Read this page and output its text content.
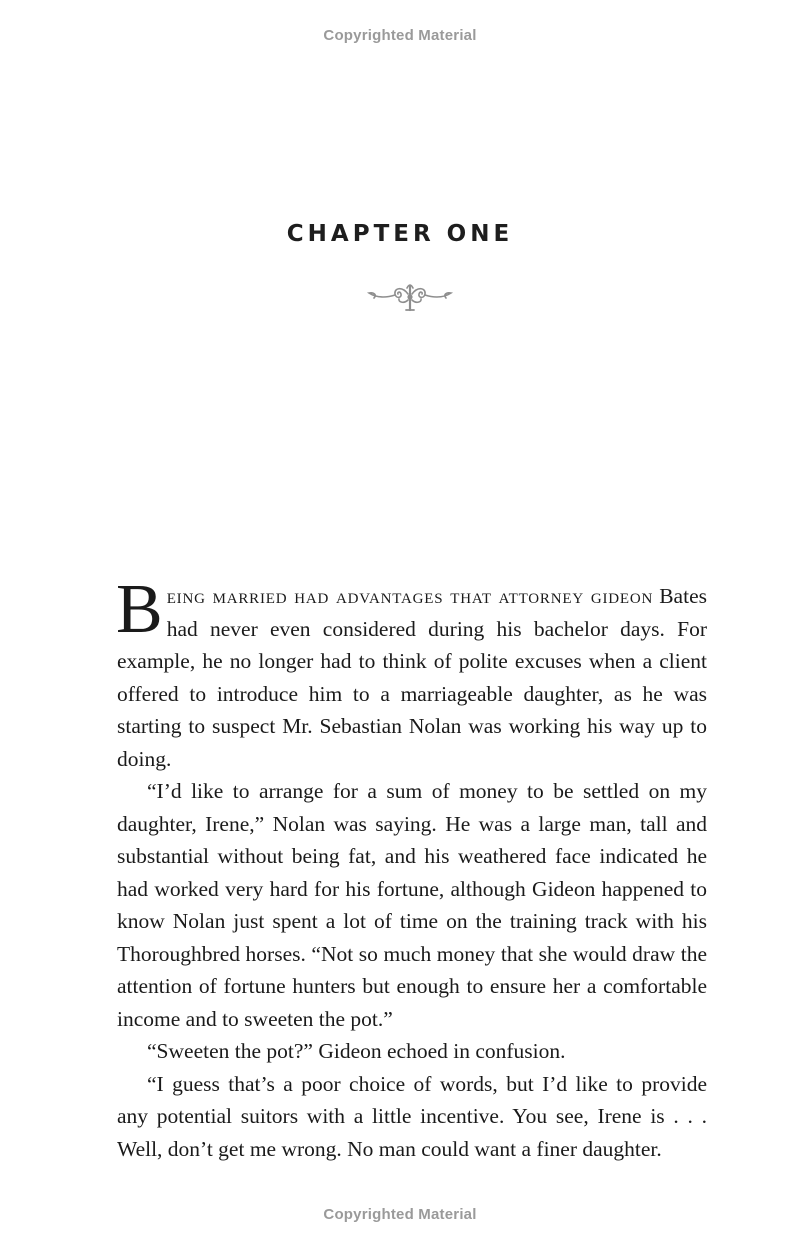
Copyrighted Material
CHAPTER ONE

Being married had advantages that attorney gideon Bates had never even considered during his bachelor days. For example, he no longer had to think of polite excuses when a client offered to introduce him to a marriageable daughter, as he was starting to suspect Mr. Sebastian Nolan was working his way up to doing.

“I’d like to arrange for a sum of money to be settled on my daughter, Irene,” Nolan was saying. He was a large man, tall and substantial without being fat, and his weathered face indicated he had worked very hard for his fortune, although Gideon happened to know Nolan just spent a lot of time on the training track with his Thoroughbred horses. “Not so much money that she would draw the attention of fortune hunters but enough to ensure her a comfortable income and to sweeten the pot.”

“Sweeten the pot?” Gideon echoed in confusion.

“I guess that’s a poor choice of words, but I’d like to provide any potential suitors with a little incentive. You see, Irene is . . . Well, don’t get me wrong. No man could want a finer daughter.

Copyrighted Material
